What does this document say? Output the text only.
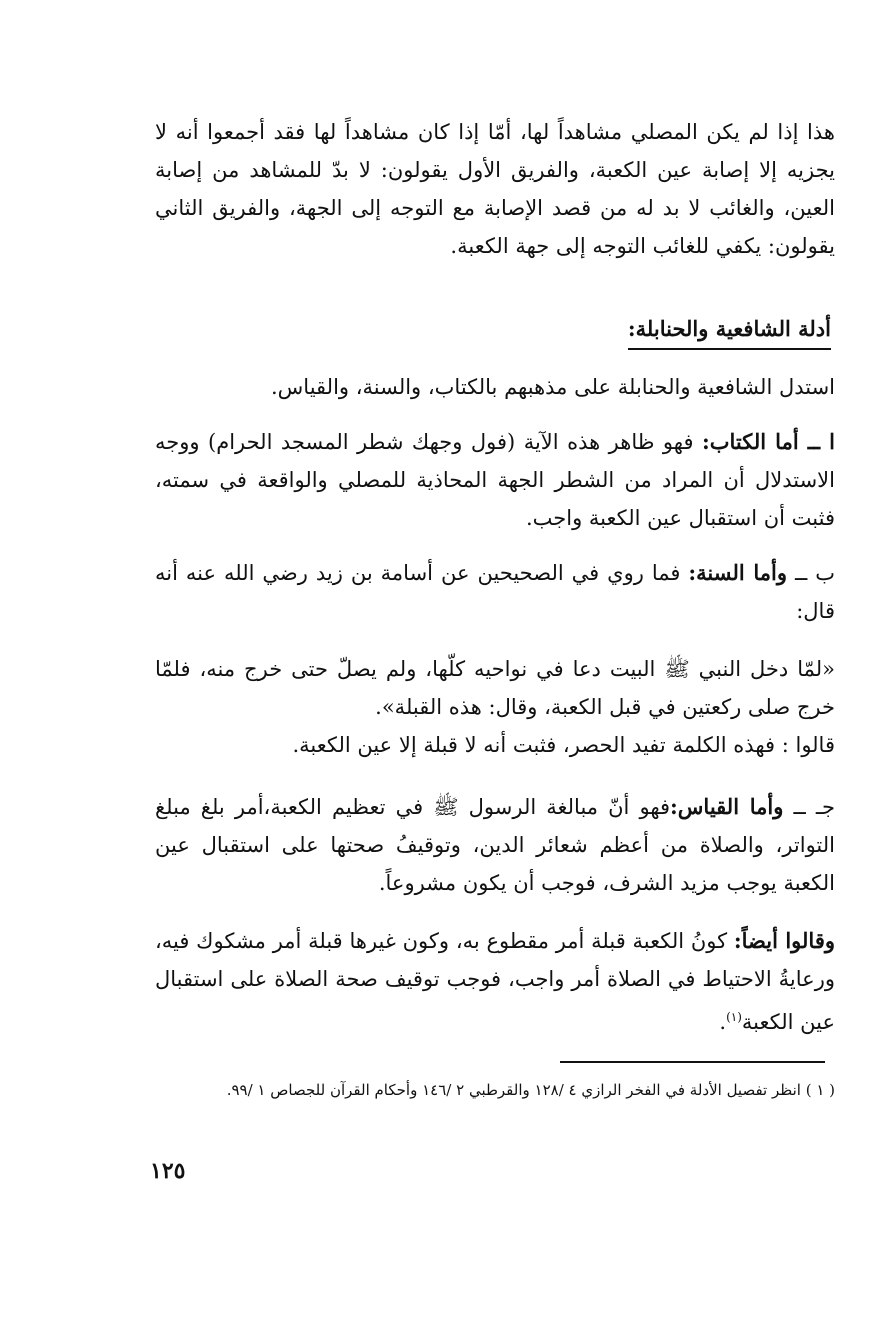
هذا إذا لم يكن المصلي مشاهداً لها، أمّا إذا كان مشاهداً لها فقد أجمعوا أنه لا يجزيه إلا إصابة عين الكعبة، والفريق الأول يقولون: لا بدّ للمشاهد من إصابة العين، والغائب لا بد له من قصد الإصابة مع التوجه إلى الجهة، والفريق الثاني يقولون: يكفي للغائب التوجه إلى جهة الكعبة.

أدلة الشافعية والحنابلة:

استدل الشافعية والحنابلة على مذهبهم بالكتاب، والسنة، والقياس.

ا ــ أما الكتاب: فهو ظاهر هذه الآية (فول وجهك شطر المسجد الحرام) ووجه الاستدلال أن المراد من الشطر الجهة المحاذية للمصلي والواقعة في سمته، فثبت أن استقبال عين الكعبة واجب.

ب ــ وأما السنة: فما روي في الصحيحين عن أسامة بن زيد رضي الله عنه أنه قال:

«لمّا دخل النبي ﷺ البيت دعا في نواحيه كلّها، ولم يصلّ حتى خرج منه، فلمّا خرج صلى ركعتين في قبل الكعبة، وقال: هذه القبلة».

قالوا : فهذه الكلمة تفيد الحصر، فثبت أنه لا قبلة إلا عين الكعبة.

جـ ــ وأما القياس:فهو أنّ مبالغة الرسول ﷺ في تعظيم الكعبة،أمر بلغ مبلغ التواتر، والصلاة من أعظم شعائر الدين، وتوقيفُ صحتها على استقبال عين الكعبة يوجب مزيد الشرف، فوجب أن يكون مشروعاً.

وقالوا أيضاً: كونُ الكعبة قبلة أمر مقطوع به، وكون غيرها قبلة أمر مشكوك فيه، ورعايةُ الاحتياط في الصلاة أمر واجب، فوجب توقيف صحة الصلاة على استقبال عين الكعبة$^{(١)}$.

( ١ ) انظر تفصيل الأدلة في الفخر الرازي ٤ /١٢٨ والقرطبي ٢ /١٤٦ وأحكام القرآن للجصاص ١ /٩٩.
١٢٥
